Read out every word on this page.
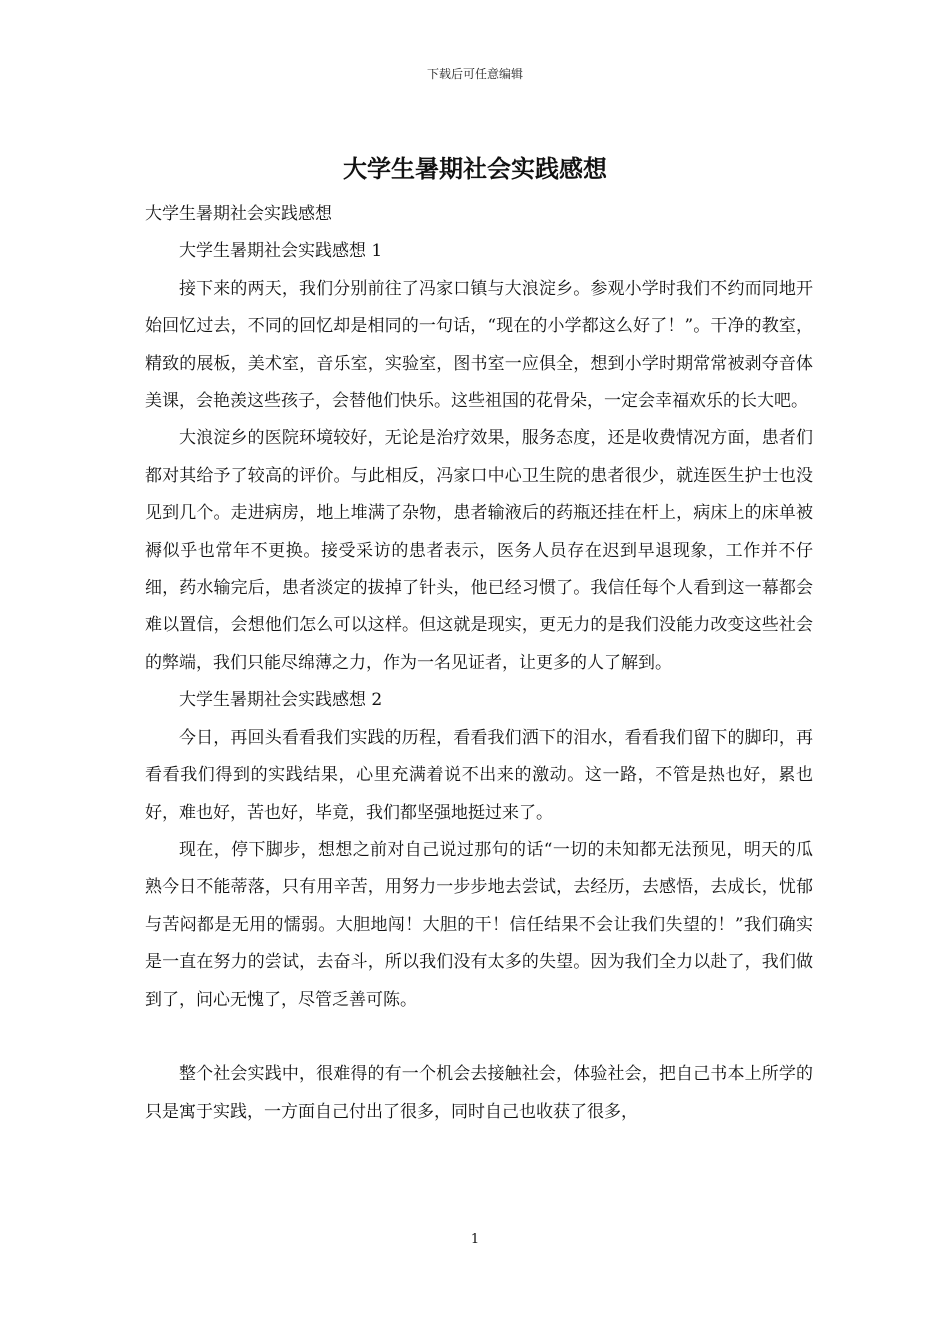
下载后可任意编辑
大学生暑期社会实践感想

大学生暑期社会实践感想

大学生暑期社会实践感想 1

接下来的两天，我们分别前往了冯家口镇与大浪淀乡。参观小学时我们不约而同地开始回忆过去，不同的回忆却是相同的一句话，“现在的小学都这么好了！”。干净的教室，精致的展板，美术室，音乐室，实验室，图书室一应俱全，想到小学时期常常被剥夺音体美课，会艳羡这些孩子，会替他们快乐。这些祖国的花骨朵，一定会幸福欢乐的长大吧。

大浪淀乡的医院环境较好，无论是治疗效果，服务态度，还是收费情况方面，患者们都对其给予了较高的评价。与此相反，冯家口中心卫生院的患者很少，就连医生护士也没见到几个。走进病房，地上堆满了杂物，患者输液后的药瓶还挂在杆上，病床上的床单被褥似乎也常年不更换。接受采访的患者表示，医务人员存在迟到早退现象，工作并不仔细，药水输完后，患者淡定的拔掉了针头，他已经习惯了。我信任每个人看到这一幕都会难以置信，会想他们怎么可以这样。但这就是现实，更无力的是我们没能力改变这些社会的弊端，我们只能尽绵薄之力，作为一名见证者，让更多的人了解到。

大学生暑期社会实践感想 2

今日，再回头看看我们实践的历程，看看我们洒下的泪水，看看我们留下的脚印，再看看我们得到的实践结果，心里充满着说不出来的激动。这一路，不管是热也好，累也好，难也好，苦也好，毕竟，我们都坚强地挺过来了。

现在，停下脚步，想想之前对自己说过那句的话“一切的未知都无法预见，明天的瓜熟今日不能蒂落，只有用辛苦，用努力一步步地去尝试，去经历，去感悟，去成长，忧郁与苦闷都是无用的懦弱。大胆地闯！大胆的干！信任结果不会让我们失望的！”我们确实是一直在努力的尝试，去奋斗，所以我们没有太多的失望。因为我们全力以赴了，我们做到了，问心无愧了，尽管乏善可陈。

整个社会实践中，很难得的有一个机会去接触社会，体验社会，把自己书本上所学的只是寓于实践，一方面自己付出了很多，同时自己也收获了很多，

1
